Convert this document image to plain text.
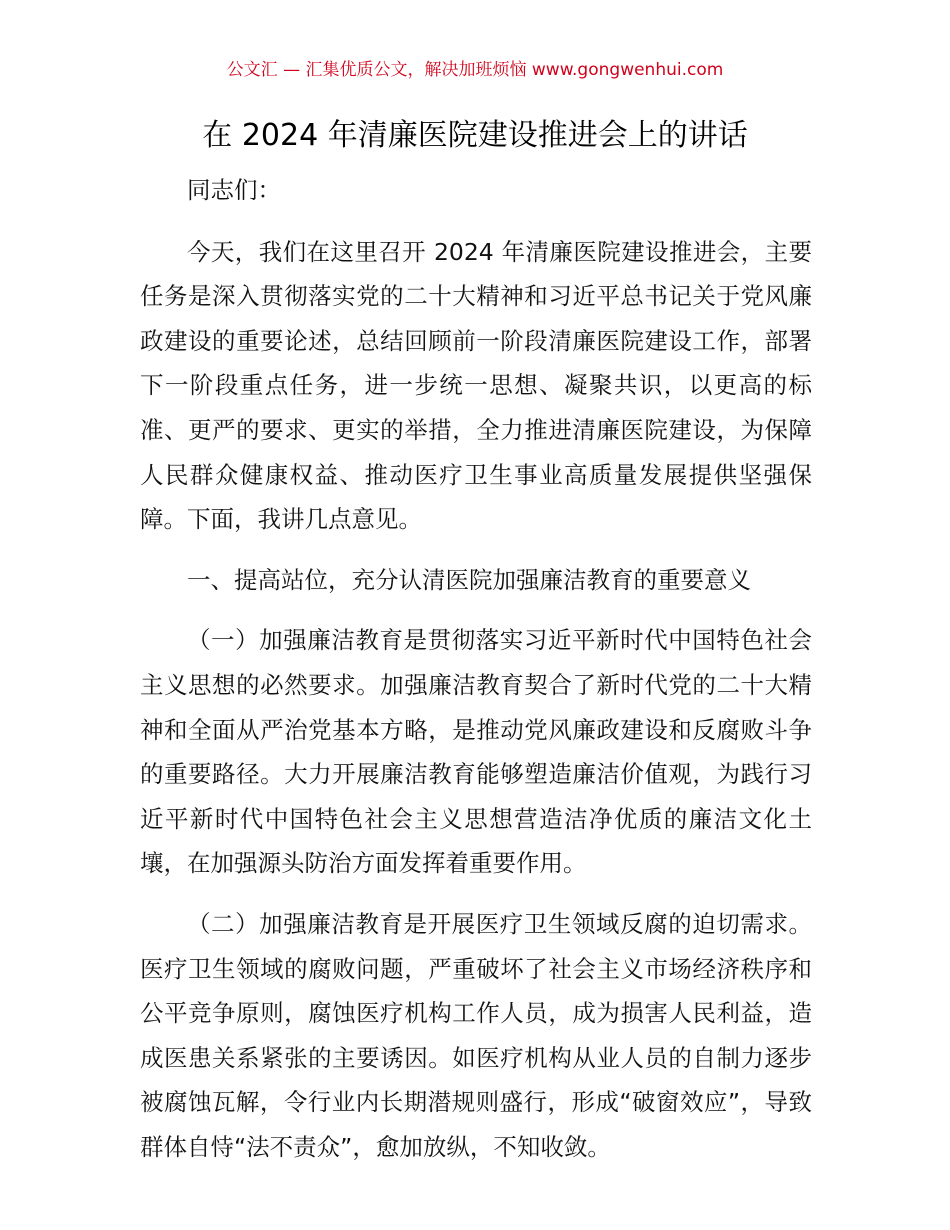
公文汇 — 汇集优质公文，解决加班烦恼 www.gongwenhui.com
在 2024 年清廉医院建设推进会上的讲话

同志们：

今天，我们在这里召开 2024 年清廉医院建设推进会，主要任务是深入贯彻落实党的二十大精神和习近平总书记关于党风廉政建设的重要论述，总结回顾前一阶段清廉医院建设工作，部署下一阶段重点任务，进一步统一思想、凝聚共识，以更高的标准、更严的要求、更实的举措，全力推进清廉医院建设，为保障人民群众健康权益、推动医疗卫生事业高质量发展提供坚强保障。下面，我讲几点意见。

一、提高站位，充分认清医院加强廉洁教育的重要意义

（一）加强廉洁教育是贯彻落实习近平新时代中国特色社会主义思想的必然要求。加强廉洁教育契合了新时代党的二十大精神和全面从严治党基本方略，是推动党风廉政建设和反腐败斗争的重要路径。大力开展廉洁教育能够塑造廉洁价值观，为践行习近平新时代中国特色社会主义思想营造洁净优质的廉洁文化土壤，在加强源头防治方面发挥着重要作用。

（二）加强廉洁教育是开展医疗卫生领域反腐的迫切需求。医疗卫生领域的腐败问题，严重破坏了社会主义市场经济秩序和公平竞争原则，腐蚀医疗机构工作人员，成为损害人民利益，造成医患关系紧张的主要诱因。如医疗机构从业人员的自制力逐步被腐蚀瓦解，令行业内长期潜规则盛行，形成“破窗效应”，导致群体自恃“法不责众”，愈加放纵，不知收敛。
